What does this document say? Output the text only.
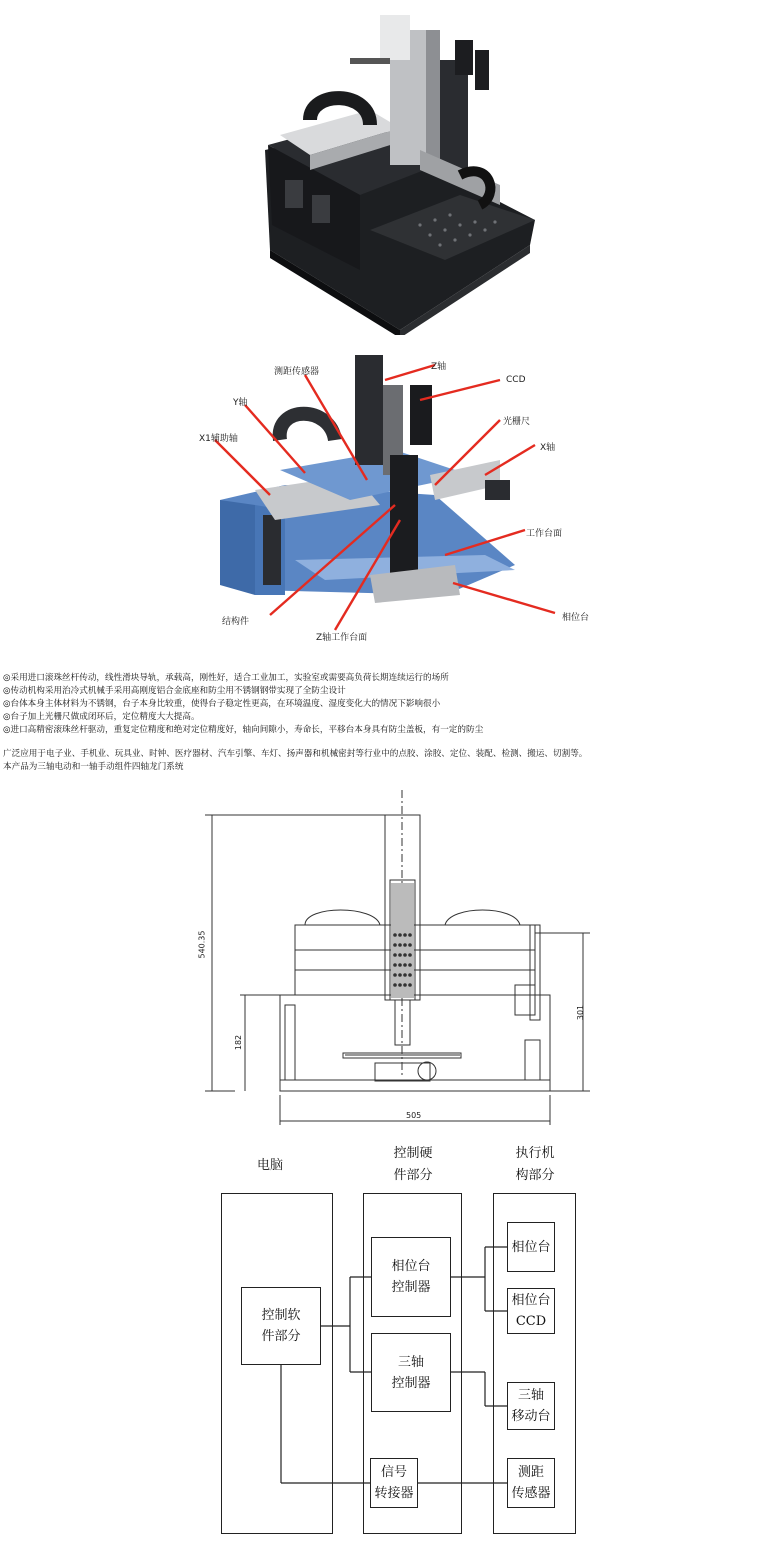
测距传感器	Z轴
CCD
Y轴
光栅尺
X1辅助轴
X轴
工作台面
结构件
Z轴工作台面
相位台
◎采用进口滚珠丝杆传动，线性滑块导轨，承载高，刚性好，适合工业加工，实验室或需要高负荷长期连续运行的场所
◎传动机构采用治冷式机械手采用高刚度铝合金底座和防尘用不锈钢钢带实现了全防尘设计
◎台体本身主体材料为不锈钢，台子本身比较重，使得台子稳定性更高，在环境温度、湿度变化大的情况下影响很小
◎台子加上光栅尺做成闭环后，定位精度大大提高。
◎进口高精密滚珠丝杆驱动，重复定位精度和绝对定位精度好，轴向间隙小，寿命长，平移台本身具有防尘盖板，有一定的防尘
广泛应用于电子业、手机业、玩具业、时钟、医疗器材、汽车引擎、车灯、扬声器和机械密封等行业中的点胶、涂胶、定位、装配、检测、搬运、切割等。
本产品为三轴电动和一轴手动组件四轴龙门系统
540.35
182
301
505
电脑
控制硬
件部分
执行机
构部分
控制软
件部分
相位台
控制器
三轴
控制器
信号
转接器
相位台
相位台
CCD
三轴
移动台
测距
传感器
